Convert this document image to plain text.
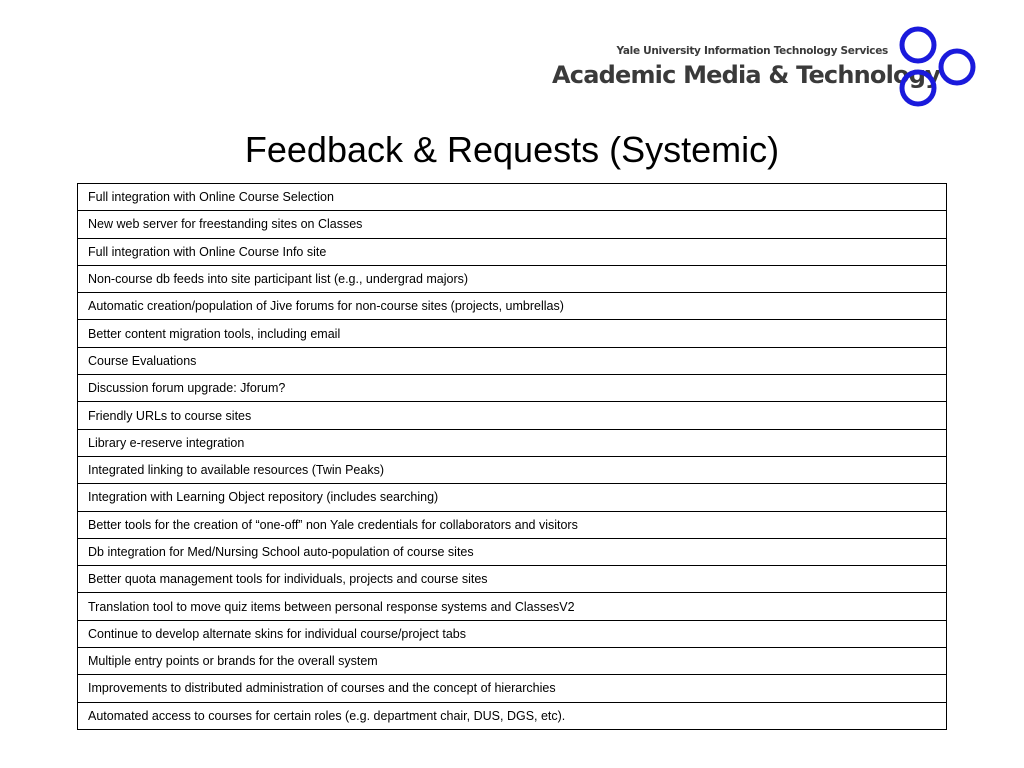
Yale University Information Technology Services
Academic Media & Technology
Feedback & Requests (Systemic)
Full integration with Online Course Selection
New web server for freestanding sites on Classes
Full integration with Online Course Info site
Non-course db feeds into site participant list (e.g., undergrad majors)
Automatic creation/population of Jive forums for non-course sites (projects, umbrellas)
Better content migration tools, including email
Course Evaluations
Discussion forum upgrade: Jforum?
Friendly URLs to course sites
Library e-reserve integration
Integrated linking to available resources (Twin Peaks)
Integration with Learning Object repository (includes searching)
Better tools for the creation of “one-off” non Yale credentials for collaborators and visitors
Db integration for Med/Nursing School auto-population of course sites
Better quota management tools for individuals, projects and course sites
Translation tool to move quiz items between personal response systems and ClassesV2
Continue to develop alternate skins for individual course/project tabs
Multiple entry points or brands for the overall system
Improvements to distributed administration of courses and the concept of hierarchies
Automated access to courses for certain roles (e.g. department chair, DUS, DGS, etc).
